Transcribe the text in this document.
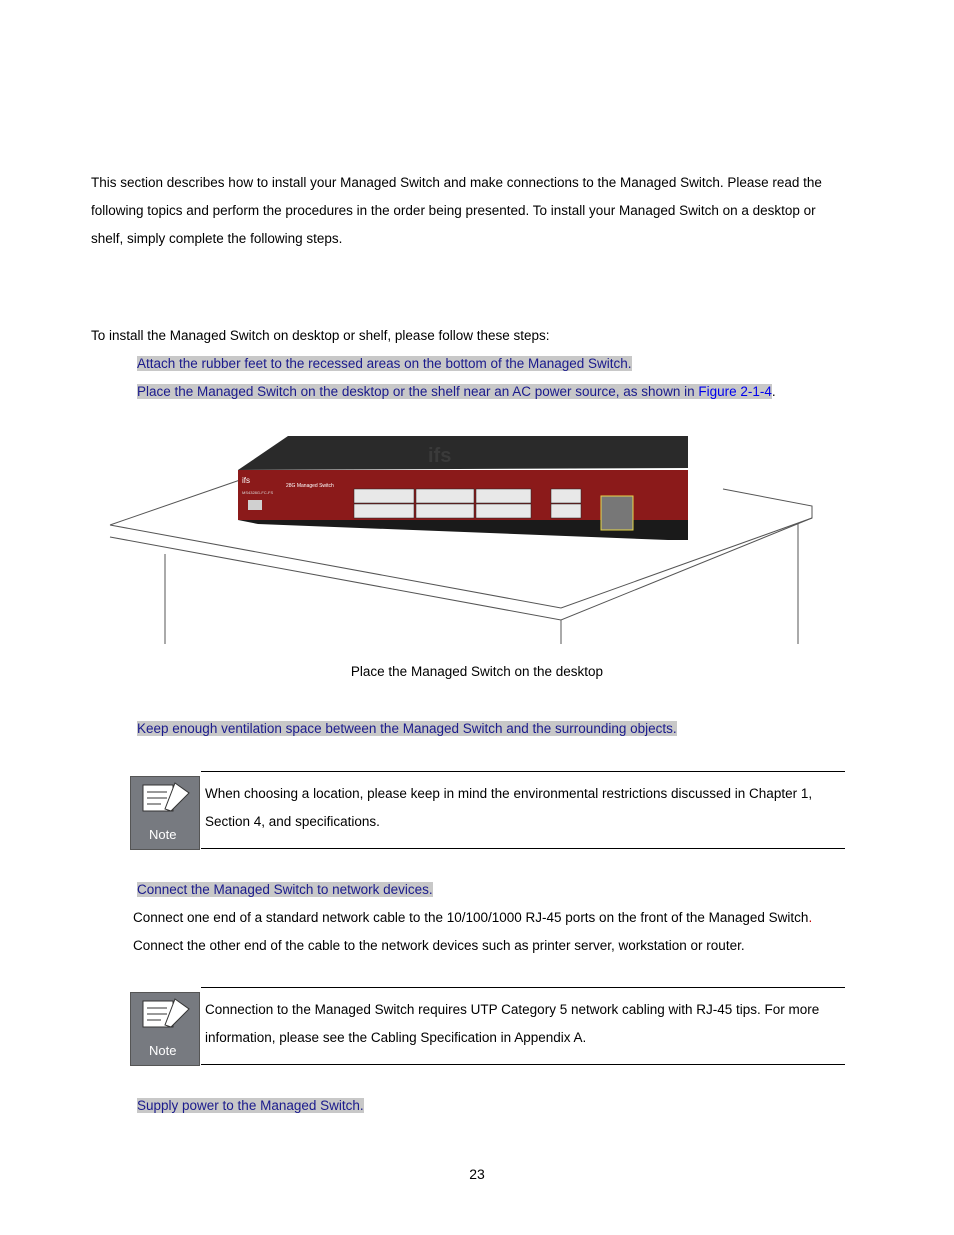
This section describes how to install your Managed Switch and make connections to the Managed Switch. Please read the following topics and perform the procedures in the order being presented. To install your Managed Switch on a desktop or shelf, simply complete the following steps.

To install the Managed Switch on desktop or shelf, please follow these steps:

Attach the rubber feet to the recessed areas on the bottom of the Managed Switch.
Place the Managed Switch on the desktop or the shelf near an AC power source, as shown in Figure 2-1-4.
ifs
ifs
MS4328G-FC-FS
28G Managed Switch
Place the Managed Switch on the desktop
Keep enough ventilation space between the Managed Switch and the surrounding objects.
Note
When choosing a location, please keep in mind the environmental restrictions discussed in Chapter 1, Section 4, and specifications.
Connect the Managed Switch to network devices.
Connect one end of a standard network cable to the 10/100/1000 RJ-45 ports on the front of the Managed Switch.
Connect the other end of the cable to the network devices such as printer server, workstation or router.
Note
Connection to the Managed Switch requires UTP Category 5 network cabling with RJ-45 tips. For more information, please see the Cabling Specification in Appendix A.
Supply power to the Managed Switch.
23
